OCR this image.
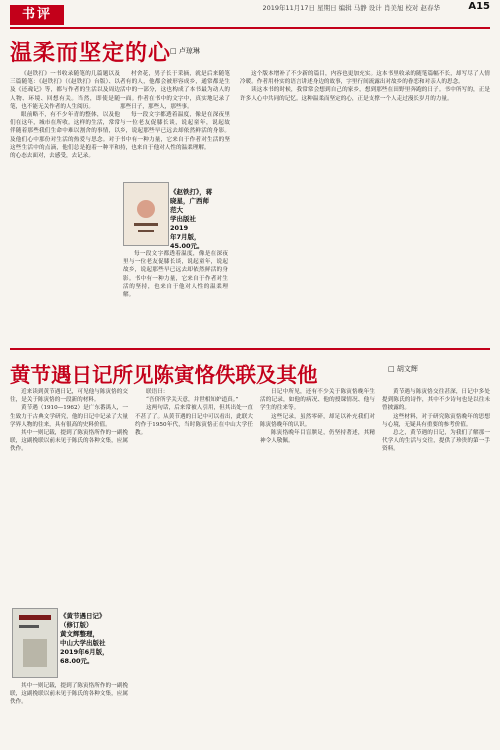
书评	2019年11月17日 星期日 编辑 马静 设计 肖美旭 校对 赵春华	A15
温柔而坚定的心
□ 卢琼琳

《赵铁打》一书收录随笔的几篇题以及三篇随笔：《赵铁打》（《赵铁打》台版）、以及《还魂记》等，都与作者的生活以及周边人物、环境、回想有关。当然，即使是随笔，也不能无关作者的人生阅历。

眼前略不，有不少年青的整体，以及他们在这年，城市在所收。这样的生活，常常伴随着那些我们生命中难以割舍的事情，以及他们心中那份对生活的热爱与思念。对于这些生活中的点滴，他们总是抱着一种平和的心态去面对，去感受，去记录。

《赵铁打》，蒋晓星，广西师范大
学出版社2019
年7月版，
45.00元。

村舍花，男子长于采摘，就是后来随笔者有的人，他都会被形容成乡，通常都是生活中的一部分，这也构成了本书最为动人的一面。作者在书中的文字中，真实地记录了那些日子，那些人，那些事。

每一段文字都透着温度，像是在深夜里与一位老友促膝长谈，说起童年，说起故乡，说起那些早已远去却依然鲜活的身影。书中有一种力量，它来自于作者对生活的坚持，也来自于他对人性的温柔理解。

每一段文字都透着温度，像是在深夜里与一位老友促膝长谈，说起童年，说起故乡，说起那些早已远去却依然鲜活的身影。书中有一种力量，它来自于作者对生活的坚持，也来自于他对人性的温柔理解。

这个版本增补了不少新的篇目，内容也更加充实。这本书里收录的随笔篇幅不长，却写尽了人情冷暖。作者用朴实的语言讲述身边的故事，字里行间流露出对故乡的眷恋和对亲人的思念。

读这本书的时候，我常常会想到自己的家乡，想到那些在田野里奔跑的日子。书中所写的，正是许多人心中共同的记忆。这种温柔而坚定的心，正是支撑一个人走过漫长岁月的力量。

黄节遇日记所见陈寅恪佚联及其他	□ 胡文辉

近来读到黄节遇日记，可见他与陈寅恪的交往，是关于陈寅恪的一段新的材料。

黄节遇（1910—1962）是广东番禺人，一生致力于古典文学研究，他的日记中记录了大量学界人物的往来，具有很高的史料价值。

其中一则记载，提到了陈寅恪所作的一副挽联，这副挽联以前未见于陈氏的各种文集，应属佚作。

《黄节遇日记》
（修订版）
黄文辉整理，
中山大学出版社
2019年6月版，
68.00元。

其中一则记载，提到了陈寅恪所作的一副挽联，这副挽联以前未见于陈氏的各种文集，应属佚作。

联语曰：

“吾侪所学关天意，并世相知妒道真。”

这两句话，后来常被人引用，但其出处一直不甚了了。从黄节遇的日记中可以看出，此联大约作于1950年代，当时陈寅恪正在中山大学任教。

日记中所见，还有不少关于陈寅恪晚年生活的记录，如他的病况、他的授课情况、他与学生的往来等。

这些记录，虽然零碎，却足以补充我们对陈寅恪晚年的认识。

陈寅恪晚年目盲膑足，仍坚持著述，其精神令人敬佩。

黄节遇与陈寅恪交往甚深，日记中多处提到陈氏的诗作，其中不少诗句也是以往未曾披露的。

这些材料，对于研究陈寅恪晚年的思想与心境，无疑具有重要的参考价值。

总之，黄节遇的日记，为我们了解那一代学人的生活与交往，提供了珍贵的第一手资料。
